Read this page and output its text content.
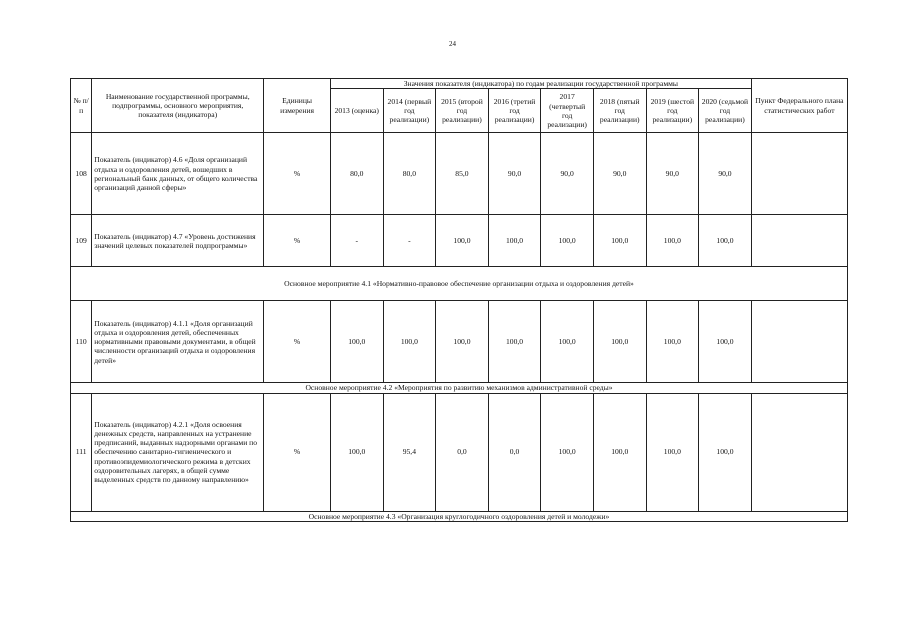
24
№ п/п	Наименование государственной программы, подпрограммы, основного мероприятия, показателя (индикатора)	Единицы измерения	Значения показателя (индикатора) по годам реализации государственной программы								Пункт Федерального плана статистических работ
			2013 (оценка)	2014 (первый год реализации)	2015 (второй год реализации)	2016 (третий год реализации)	2017 (четвертый год реализации)	2018 (пятый год реализации)	2019 (шестой год реализации)	2020 (седьмой год реализации)	
108	Показатель (индикатор) 4.6 «Доля организаций отдыха и оздоровления детей, вошедших в региональный банк данных, от общего количества организаций данной сферы»	%	80,0	80,0	85,0	90,0	90,0	90,0	90,0	90,0	
109	Показатель (индикатор) 4.7 «Уровень достижения значений целевых показателей подпрограммы»	%	-	-	100,0	100,0	100,0	100,0	100,0	100,0	
Основное мероприятие 4.1 «Нормативно-правовое обеспечение организации отдыха и оздоровления детей»											
110	Показатель (индикатор) 4.1.1 «Доля организаций отдыха и оздоровления детей, обеспеченных нормативными правовыми документами, в общей численности организаций отдыха и оздоровления детей»	%	100,0	100,0	100,0	100,0	100,0	100,0	100,0	100,0	
Основное мероприятие 4.2 «Мероприятия по развитию механизмов административной среды»											
111	Показатель (индикатор) 4.2.1 «Доля освоения денежных средств, направленных на устранение предписаний, выданных надзорными органами по обеспечению санитарно-гигиенического и противоэпидемиологического режима в детских оздоровительных лагерях, в общей сумме выделенных средств по данному направлению»	%	100,0	95,4	0,0	0,0	100,0	100,0	100,0	100,0	
Основное мероприятие 4.3 «Организация круглогодичного оздоровления детей и молодежи»											
